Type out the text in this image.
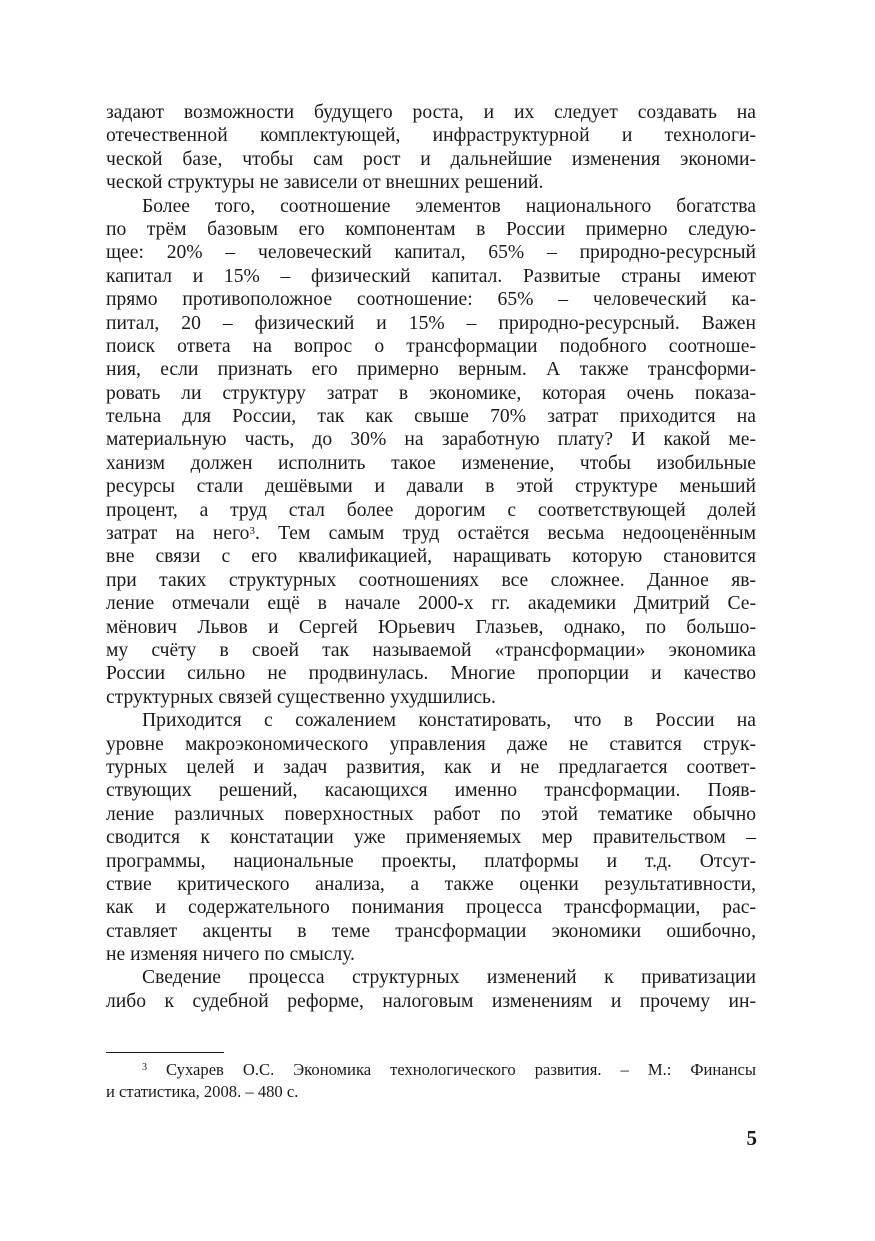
задают возможности будущего роста, и их следует создавать на
отечественной комплектующей, инфраструктурной и технологи-
ческой базе, чтобы сам рост и дальнейшие изменения экономи-
ческой структуры не зависели от внешних решений.
Более того, соотношение элементов национального богатства
по трём базовым его компонентам в России примерно следую-
щее: 20% – человеческий капитал, 65% – природно-ресурсный
капитал и 15% – физический капитал. Развитые страны имеют
прямо противоположное соотношение: 65% – человеческий ка-
питал, 20 – физический и 15% – природно-ресурсный. Важен
поиск ответа на вопрос о трансформации подобного соотноше-
ния, если признать его примерно верным. А также трансформи-
ровать ли структуру затрат в экономике, которая очень показа-
тельна для России, так как свыше 70% затрат приходится на
материальную часть, до 30% на заработную плату? И какой ме-
ханизм должен исполнить такое изменение, чтобы изобильные
ресурсы стали дешёвыми и давали в этой структуре меньший
процент, а труд стал более дорогим с соответствующей долей
затрат на него$^3$. Тем самым труд остаётся весьма недооценённым
вне связи с его квалификацией, наращивать которую становится
при таких структурных соотношениях все сложнее. Данное яв-
ление отмечали ещё в начале 2000-х гг. академики Дмитрий Се-
мёнович Львов и Сергей Юрьевич Глазьев, однако, по большо-
му счёту в своей так называемой «трансформации» экономика
России сильно не продвинулась. Многие пропорции и качество
структурных связей существенно ухудшились.
Приходится с сожалением констатировать, что в России на
уровне макроэкономического управления даже не ставится струк-
турных целей и задач развития, как и не предлагается соответ-
ствующих решений, касающихся именно трансформации. Появ-
ление различных поверхностных работ по этой тематике обычно
сводится к констатации уже применяемых мер правительством –
программы, национальные проекты, платформы и т.д. Отсут-
ствие критического анализа, а также оценки результативности,
как и содержательного понимания процесса трансформации, рас-
ставляет акценты в теме трансформации экономики ошибочно,
не изменяя ничего по смыслу.
Сведение процесса структурных изменений к приватизации
либо к судебной реформе, налоговым изменениям и прочему ин-
$^3$ Сухарев О.С. Экономика технологического развития. – М.: Финансы
и статистика, 2008. – 480 с.
5
